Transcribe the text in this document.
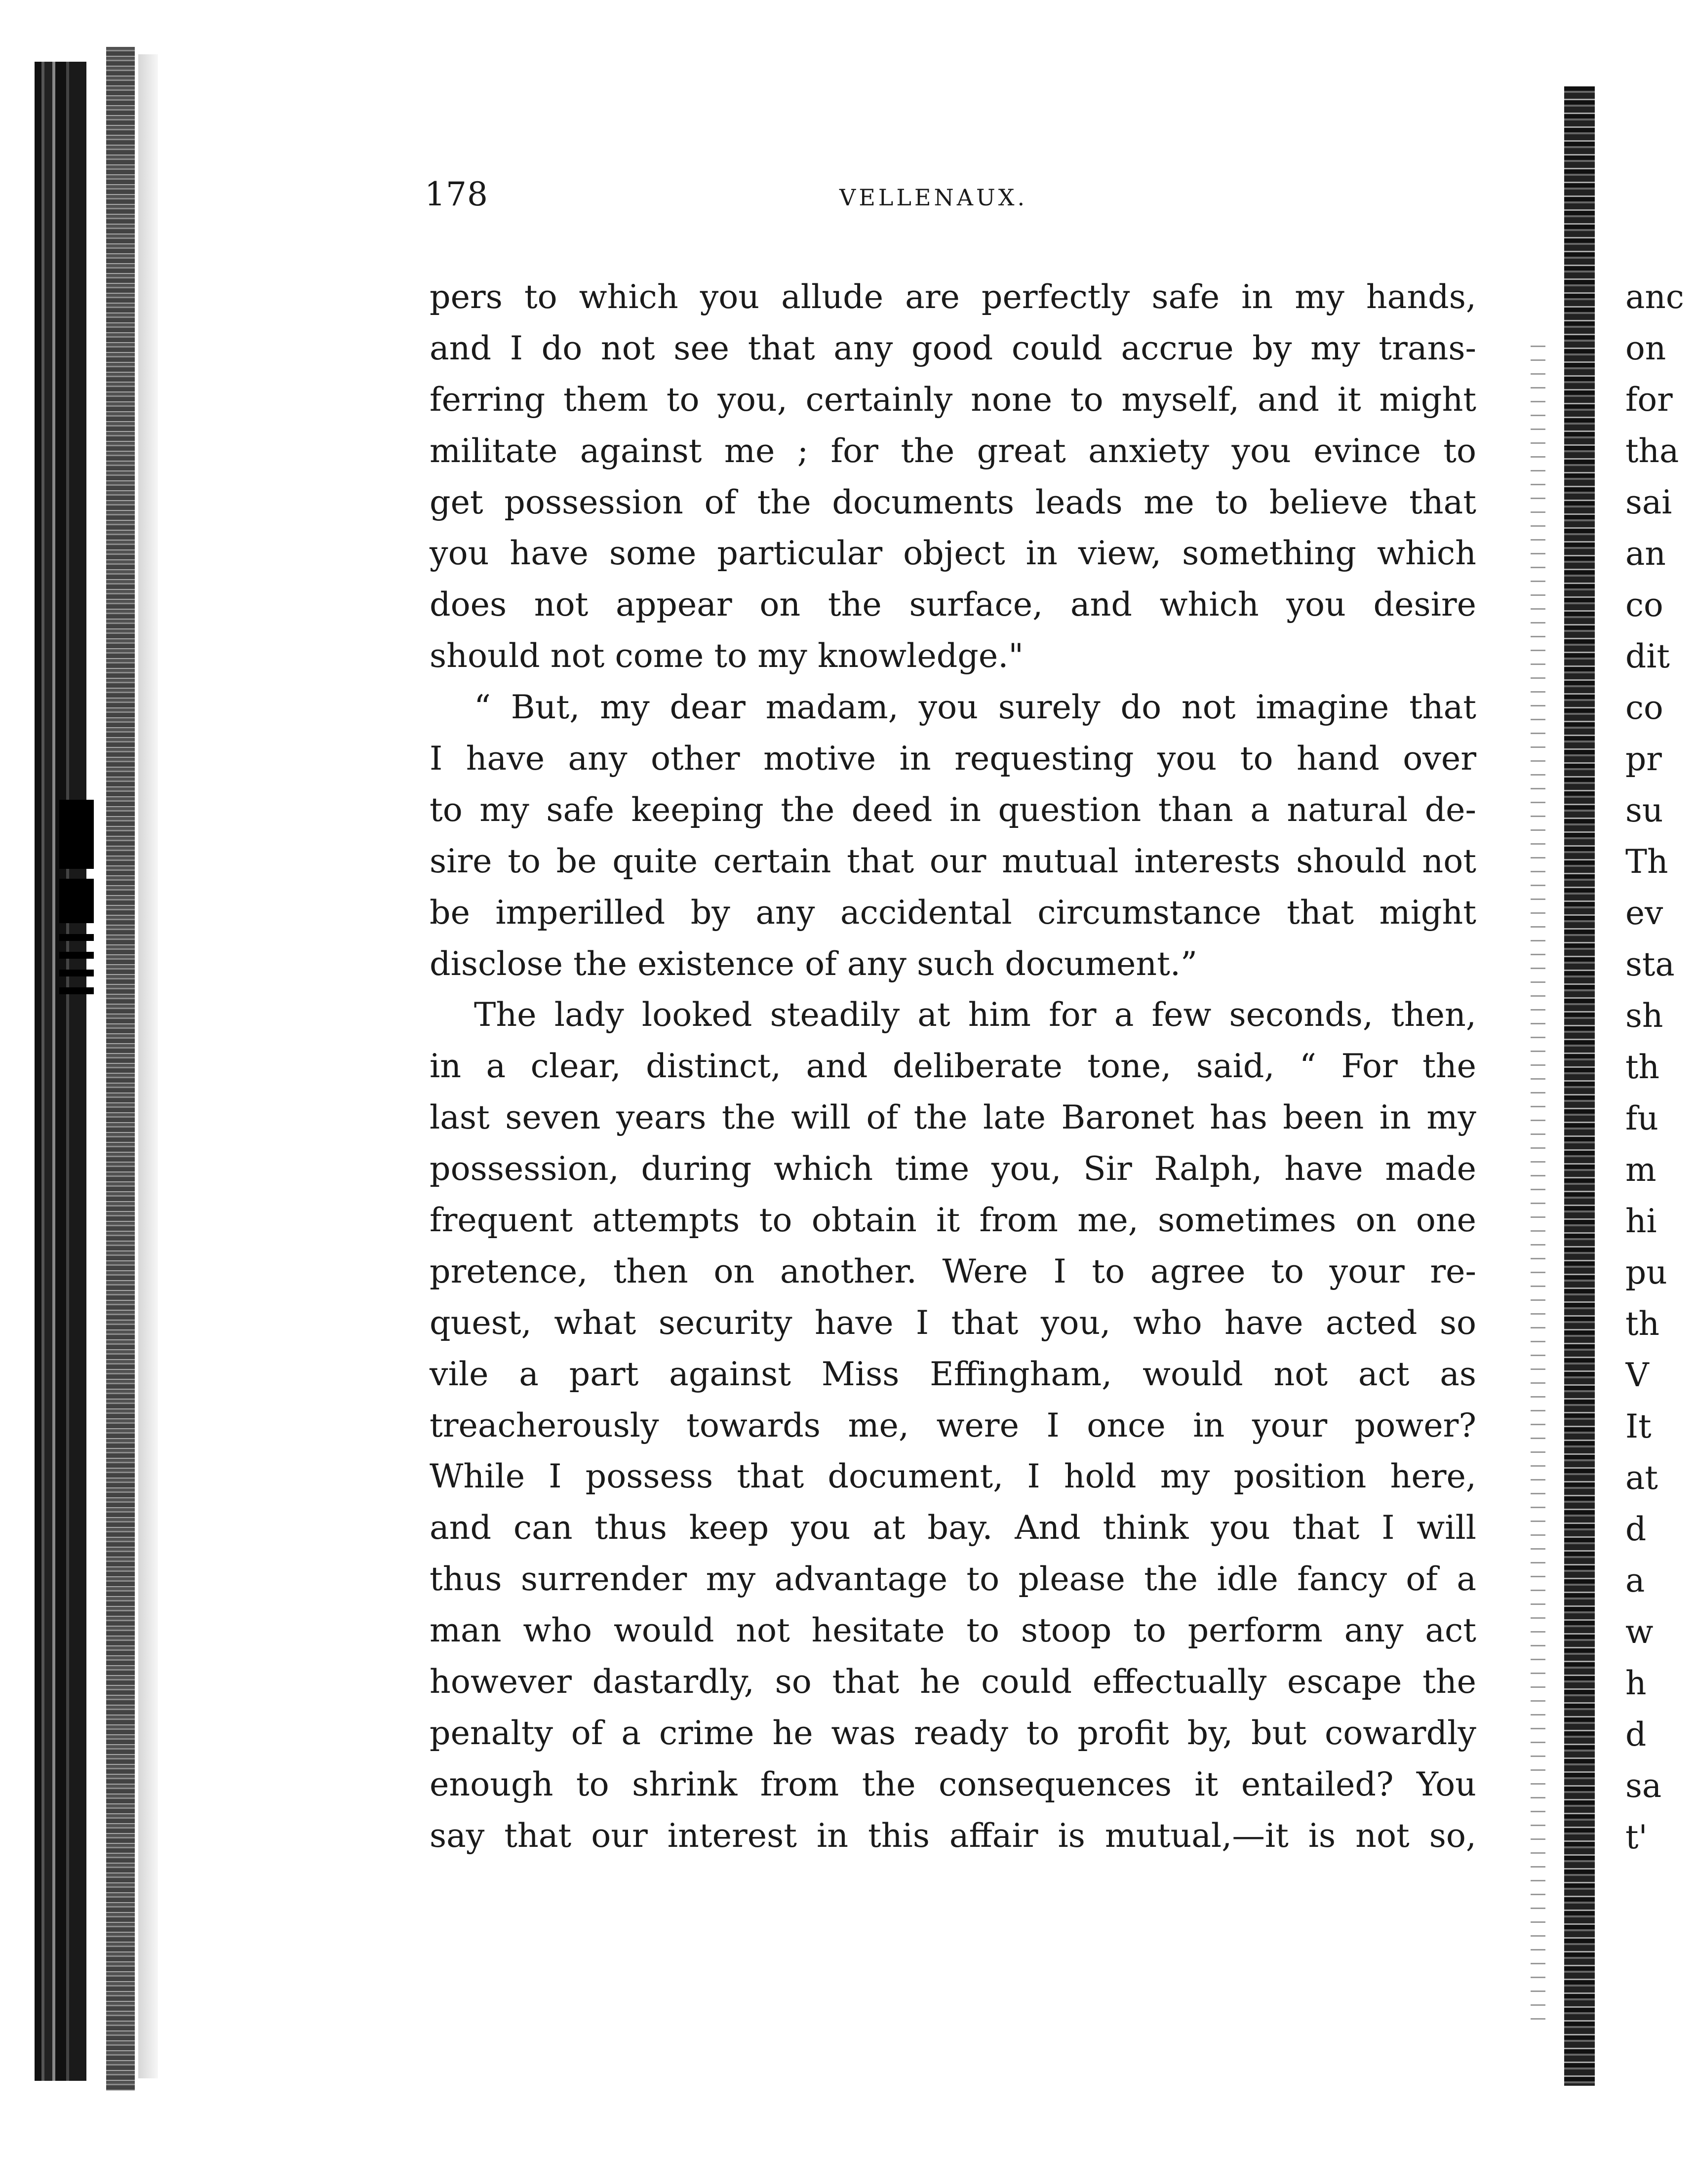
178	VELLENAUX.
pers to which you allude are perfectly safe in my hands,
and I do not see that any good could accrue by my trans-
ferring them to you, certainly none to myself, and it might
militate against me ; for the great anxiety you evince to
get possession of the documents leads me to believe that
you have some particular object in view, something which
does not appear on the surface, and which you desire
should not come to my knowledge."
“ But, my dear madam, you surely do not imagine that
I have any other motive in requesting you to hand over
to my safe keeping the deed in question than a natural de-
sire to be quite certain that our mutual interests should not
be imperilled by any accidental circumstance that might
disclose the existence of any such document.”
The lady looked steadily at him for a few seconds, then,
in a clear, distinct, and deliberate tone, said, “ For the
last seven years the will of the late Baronet has been in my
possession, during which time you, Sir Ralph, have made
frequent attempts to obtain it from me, sometimes on one
pretence, then on another. Were I to agree to your re-
quest, what security have I that you, who have acted so
vile a part against Miss Effingham, would not act as
treacherously towards me, were I once in your power?
While I possess that document, I hold my position here,
and can thus keep you at bay. And think you that I will
thus surrender my advantage to please the idle fancy of a
man who would not hesitate to stoop to perform any act
however dastardly, so that he could effectually escape the
penalty of a crime he was ready to profit by, but cowardly
enough to shrink from the consequences it entailed? You
say that our interest in this affair is mutual,—it is not so,
anc
on
for
tha
sai
an
co
dit
co
pr
su
Th
ev
sta
sh
th
fu
m
hi
pu
th
V
It
at
d
a
w
h
d
sa
t'
